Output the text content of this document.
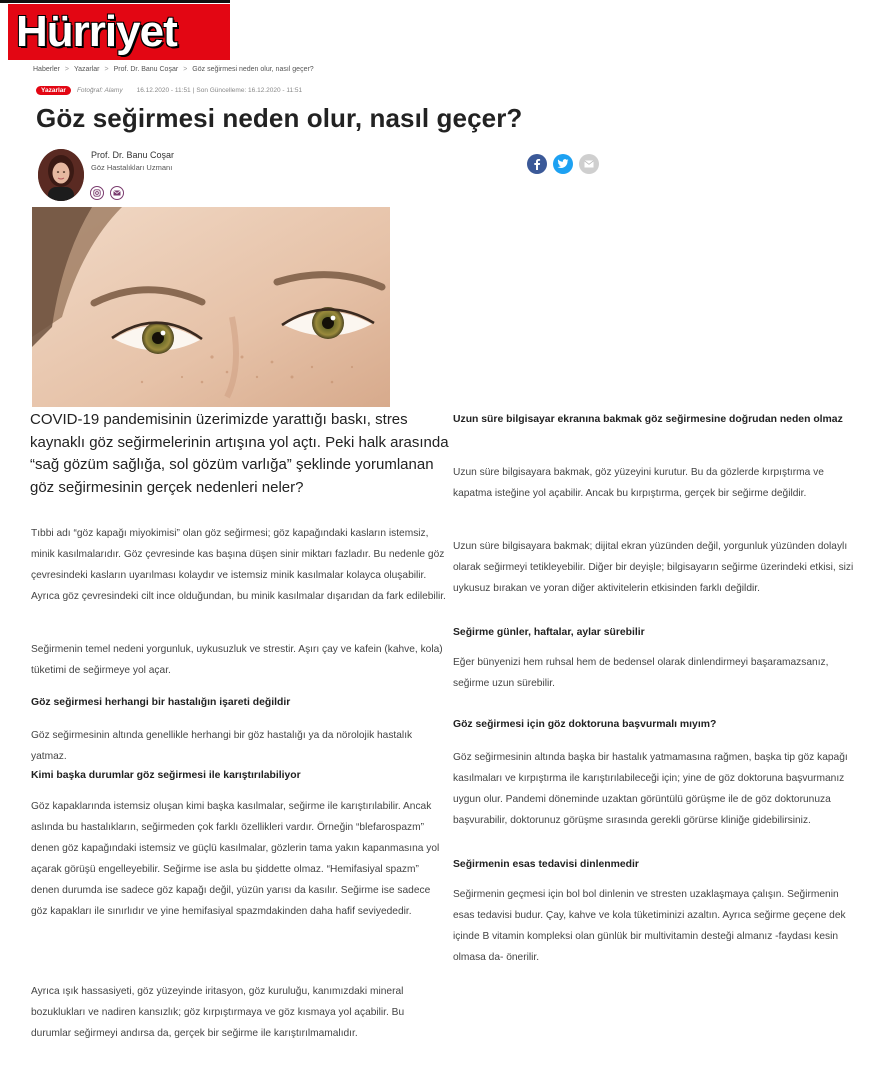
Hürriyet
Haberler > Yazarlar > Prof. Dr. Banu Coşar > Göz seğirmesi neden olur, nasıl geçer?
Yazarlar	Fotoğraf: Alamy 16.12.2020 - 11:51 | Son Güncelleme: 16.12.2020 - 11:51
Göz seğirmesi neden olur, nasıl geçer?
Prof. Dr. Banu Coşar
Göz Hastalıkları Uzmanı

COVID-19 pandemisinin üzerimizde yarattığı baskı, stres kaynaklı göz seğirmelerinin artışına yol açtı. Peki halk arasında “sağ gözüm sağlığa, sol gözüm varlığa” şeklinde yorumlanan göz seğirmesinin gerçek nedenleri neler?

Tıbbi adı “göz kapağı miyokimisi” olan göz seğirmesi; göz kapağındaki kasların istemsiz, minik kasılmalarıdır. Göz çevresinde kas başına düşen sinir miktarı fazladır. Bu nedenle göz çevresindeki kasların uyarılması kolaydır ve istemsiz minik kasılmalar kolayca oluşabilir. Ayrıca göz çevresindeki cilt ince olduğundan, bu minik kasılmalar dışarıdan da fark edilebilir.

Seğirmenin temel nedeni yorgunluk, uykusuzluk ve strestir. Aşırı çay ve kafein (kahve, kola) tüketimi de seğirmeye yol açar.

Göz seğirmesi herhangi bir hastalığın işareti değildir

Göz seğirmesinin altında genellikle herhangi bir göz hastalığı ya da nörolojik hastalık yatmaz.

Kimi başka durumlar göz seğirmesi ile karıştırılabiliyor

Göz kapaklarında istemsiz oluşan kimi başka kasılmalar, seğirme ile karıştırılabilir. Ancak aslında bu hastalıkların, seğirmeden çok farklı özellikleri vardır. Örneğin “blefarospazm” denen göz kapağındaki istemsiz ve güçlü kasılmalar, gözlerin tama yakın kapanmasına yol açarak görüşü engelleyebilir. Seğirme ise asla bu şiddette olmaz. “Hemifasiyal spazm” denen durumda ise sadece göz kapağı değil, yüzün yarısı da kasılır. Seğirme ise sadece göz kapakları ile sınırlıdır ve yine hemifasiyal spazmdakinden daha hafif seviyededir.

Ayrıca ışık hassasiyeti, göz yüzeyinde iritasyon, göz kuruluğu, kanımızdaki mineral bozuklukları ve nadiren kansızlık; göz kırpıştırmaya ve göz kısmaya yol açabilir. Bu durumlar seğirmeyi andırsa da, gerçek bir seğirme ile karıştırılmamalıdır.

Uzun süre bilgisayar ekranına bakmak göz seğirmesine doğrudan neden olmaz

Uzun süre bilgisayara bakmak, göz yüzeyini kurutur. Bu da gözlerde kırpıştırma ve kapatma isteğine yol açabilir. Ancak bu kırpıştırma, gerçek bir seğirme değildir.

Uzun süre bilgisayara bakmak; dijital ekran yüzünden değil, yorgunluk yüzünden dolaylı olarak seğirmeyi tetikleyebilir. Diğer bir deyişle; bilgisayarın seğirme üzerindeki etkisi, sizi uykusuz bırakan ve yoran diğer aktivitelerin etkisinden farklı değildir.

Seğirme günler, haftalar, aylar sürebilir

Eğer bünyenizi hem ruhsal hem de bedensel olarak dinlendirmeyi başaramazsanız, seğirme uzun sürebilir.

Göz seğirmesi için göz doktoruna başvurmalı mıyım?

Göz seğirmesinin altında başka bir hastalık yatmamasına rağmen, başka tip göz kapağı kasılmaları ve kırpıştırma ile karıştırılabileceği için; yine de göz doktoruna başvurmanız uygun olur. Pandemi döneminde uzaktan görüntülü görüşme ile de göz doktorunuza başvurabilir, doktorunuz görüşme sırasında gerekli görürse kliniğe gidebilirsiniz.

Seğirmenin esas tedavisi dinlenmedir

Seğirmenin geçmesi için bol bol dinlenin ve stresten uzaklaşmaya çalışın. Seğirmenin esas tedavisi budur. Çay, kahve ve kola tüketiminizi azaltın. Ayrıca seğirme geçene dek içinde B vitamin kompleksi olan günlük bir multivitamin desteği almanız -faydası kesin olmasa da- önerilir.
